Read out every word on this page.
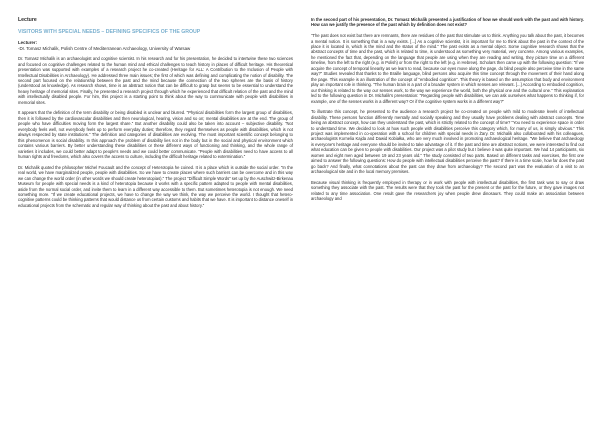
Lecture
VISITORS WITH SPECIAL NEEDS – DEFINING SPECIFICS OF THE GROUP
Lecturer:
-Dr. Tomasz Michalik, Polish Centre of Mediterranean Archaeology, University of Warsaw

Dr. Tomasz Michalik is an archaeologist and cognitive scientist. In his research and for his presentation, he decided to intertwine these two sciences and focused on cognitive challenges related to the human mind and ethical challenges to teach history in places of difficult heritage. His theoretical presentation was supported with examples of a research project he co-created (Heritage for ALL: A Contribution to the Inclusion of People with Intellectual Disabilities in Archaeology). He addressed three main issues; the first of which was defining and complicating the notion of disability. The second part focused on the relationship between the past and the mind because the connection of the two spheres are the basis of history (understood as knowledge). As research shows, time is an abstract notion that can be difficult to grasp but seems to be essential to understand the heavy heritage of memorial sites. Finally, he presented a research project through which he experienced that difficult relation of the past and the mind with intellectually disabled people. For him, this project is a starting point to think about the way to communicate with people with disabilities in memorial sites.

It appears that the definition of the term disability or being disabled is unclear and blurred. "Physical disabilities form the largest group of disabilities, then it is followed by the cardiovascular disabilities and then neurological, hearing, vision and so on; mental disabilities are at the end. The group of people who have difficulties moving form the largest share." But another disability could also be taken into account – subjective disability. "Not everybody feels well, not everybody feels up to perform everyday duties; therefore, they regard themselves as people with disabilities, which is not always respected by state institutions." The definition and categories of disabilities are evolving. The most important scientific concept belonging to this phenomenon is social disability. In this approach the problem of disability lies not in the body but in the social and physical environment which contains various barriers. By better understanding these disabilities or these different ways of functioning and thinking, and the whole range of varieties it includes, we could better adapt to people's needs and we could better communicate. "People with disabilities need to have access to all human rights and freedoms, which also covers the access to culture, including the difficult heritage related to extermination."

Dr. Michalik quoted the philosopher Michel Foucault and the concept of Heterotopia he coined. It is a place which is outside the social order. "In the real world, we have marginalized people, people with disabilities. So we have to create places where such barriers can be overcome and in this way we can change the world order (in other words we should create heterotopias)." The project "Difficult Simple Words" set up by the Auschwitz-Birkenau Museum for people with special needs is a kind of heterotopia because it works with a specific pattern adapted to people with mental disabilities, aside from the normal social order, and invite them to learn in a different way accessible to them. But sometimes heterotopia is not enough. We need something more. "If we create educational projects, we have to change the way we think, the way we perceive the world. I thought that hetero-cognitive patterns could be thinking patterns that would distance us from certain customs and habits that we have. It is important to distance oneself in educational projects from the schematic and regular way of thinking about the past and about history."

In the second part of his presentation, Dr. Tomasz Michalik presented a justification of how we should work with the past and with history. How can we justify the presence of the past which by definition does not exist?

"The past does not exist but there are remnants, there are residues of the past that stimulate us to think. Anything you talk about the past, it becomes a mental notion. It is something that in a way exists. [...] As a cognitive scientist, it is important for me to think about the past in the context of the place it is located in, which is the mind and the status of the mind." The past exists as a mental object. Some cognitive research shows that the abstract concepts of time and the past, which is related to time, is understood as something very material, very concrete. Among various examples, he mentioned the fact that, depending on the language that people are using when they are reading and writing, they picture time on a different timeline, from the left to the right (e.g. in Polish) or from the right to the left (e.g. in Hebrew). Scholars then came up with the following question: "If we acquire the concept of temporal linearity as we learn to read, because our eyes move along the page, do blind people also perceive time in the same way?" Studies revealed that thanks to the Braille language, blind persons also acquire this time concept through the movement of their hand along the page. This example is an illustration of the concept of "embodied cognition". This theory is based on the assumption that body and environment play an important role in thinking. "The human brain is a part of a broader system in which senses are relevant. [...] According to embodied cognition, our thinking is related to the way our senses work, to the way we experience the world, both the physical one and the cultural one." This explanation led to the following question in Dr. Michalik's presentation: "Regarding people with disabilities, we can ask ourselves what happens to thinking if, for example, one of the senses works in a different way? Or if the cognitive system works in a different way?"

To illustrate this concept, he presented to the audience a research project he co-created on people with mild to moderate levels of intellectual disability. These persons function differently mentally and socially speaking and they usually have problems dealing with abstract concepts. Time being an abstract concept, how can they understand the past, which is strictly related to the concept of time? "You need to experience space in order to understand time. We decided to look at how such people with disabilities perceive this category which, for many of us, is simply obvious." This project was implemented in co-operation with a school for children with special needs in Żary. Dr. Michalik also collaborated with his colleagues, archaeologists Kornelia Kajda and Dawid Kobiałka, who are very much involved in promoting archaeological heritage. "We believe that archaeology is everyone's heritage and everyone should be invited to take advantage of it. If the past and time are abstract notions, we were interested to find out what education can be given to people with disabilities. Our project was a pilot study but I believe it was quite important. We had 14 participants, six women and eight men aged between 19 and 23 years old." The study consisted of two parts. Based on different tasks and exercises, the first one aimed to answer the following questions: How do people with intellectual disabilities perceive the past? If there is a time scale, how far does the past go back? And finally, what connotations about the past can they draw from archaeology? The second part was the evaluation of a visit to an archaeological site and in the local memory premises.

Because visual thinking is frequently employed in therapy or in work with people with intellectual disabilities, the first task was to say or draw something they associate with the past. The results were that they took the past for the present or the past for the future, or they gave images not related to any time association. One result gave the researchers joy when people drew dinosaurs. They could make an association between archaeology and
